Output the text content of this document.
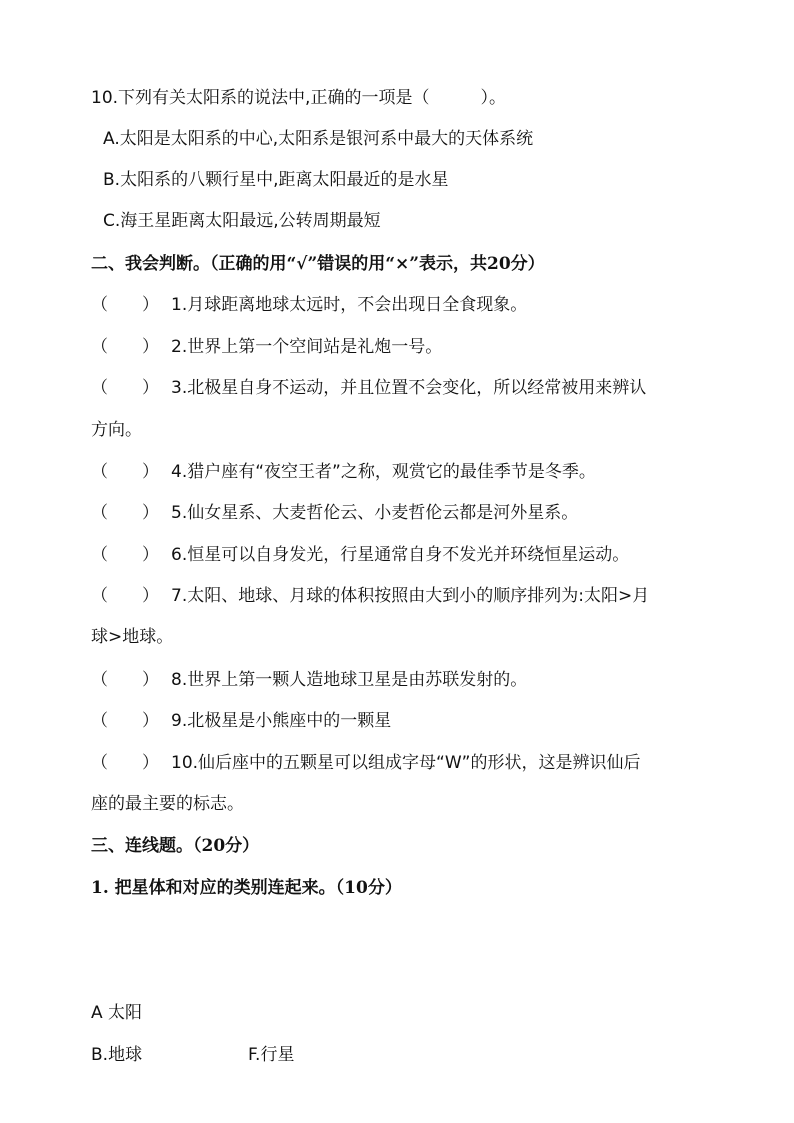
10.下列有关太阳系的说法中,正确的一项是（　　　）。
A.太阳是太阳系的中心,太阳系是银河系中最大的天体系统
B.太阳系的八颗行星中,距离太阳最近的是水星
C.海王星距离太阳最远,公转周期最短
二、我会判断。（正确的用“√”错误的用“×”表示，共20分）
（　　） 1.月球距离地球太远时，不会出现日全食现象。
（　　） 2.世界上第一个空间站是礼炮一号。
（　　） 3.北极星自身不运动，并且位置不会变化，所以经常被用来辨认
方向。
（　　） 4.猎户座有“夜空王者”之称，观赏它的最佳季节是冬季。
（　　） 5.仙女星系、大麦哲伦云、小麦哲伦云都是河外星系。
（　　） 6.恒星可以自身发光，行星通常自身不发光并环绕恒星运动。
（　　） 7.太阳、地球、月球的体积按照由大到小的顺序排列为:太阳>月
球>地球。
（　　） 8.世界上第一颗人造地球卫星是由苏联发射的。
（　　） 9.北极星是小熊座中的一颗星
（　　） 10.仙后座中的五颗星可以组成字母“W”的形状，这是辨识仙后
座的最主要的标志。
三、连线题。（20分）
1. 把星体和对应的类别连起来。（10分）
A 太阳
B.地球	F.行星
